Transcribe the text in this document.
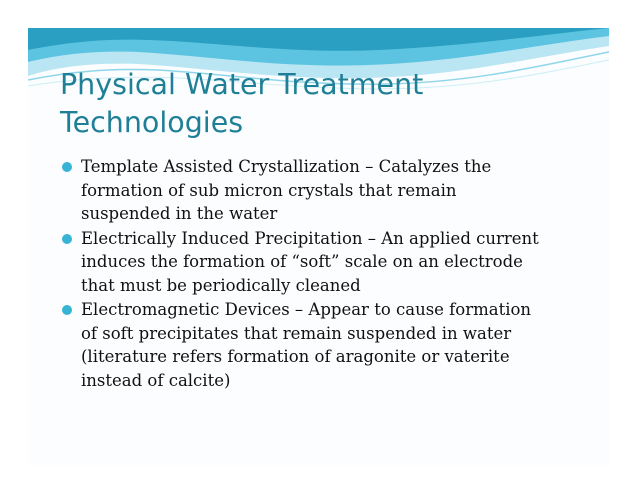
Physical Water Treatment
Technologies
Template Assisted Crystallization – Catalyzes the
formation of sub micron crystals that remain
suspended in the water
Electrically Induced Precipitation – An applied current
induces the formation of “soft” scale on an electrode
that must be periodically cleaned
Electromagnetic Devices – Appear to cause formation
of soft precipitates that remain suspended in water
(literature refers formation of aragonite or vaterite
instead of calcite)
